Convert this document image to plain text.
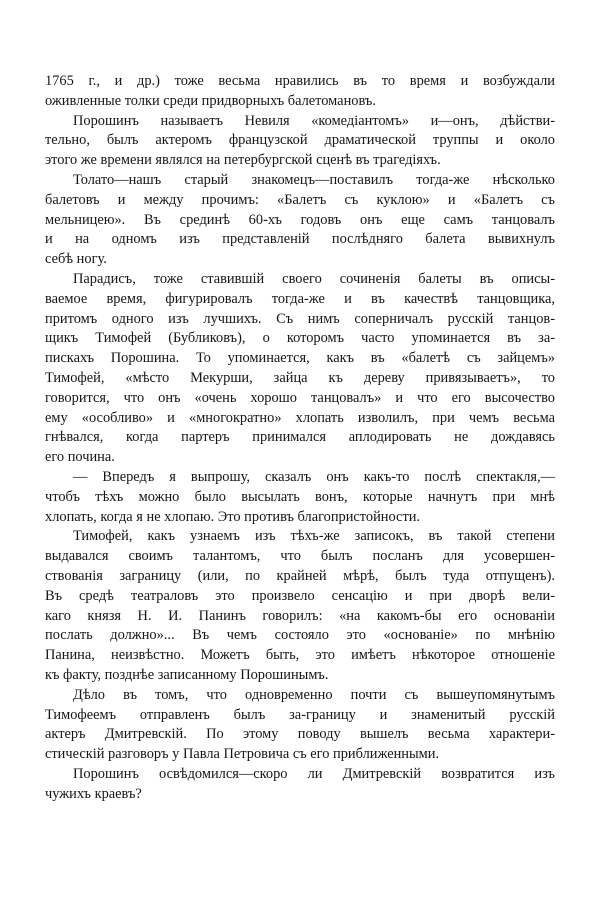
1765 г., и др.) тоже весьма нравились въ то время и возбуждали
оживленные толки среди придворныхъ балетомановъ.
Порошинъ называетъ Невиля «комедіантомъ» и—онъ, дѣйстви-
тельно, былъ актеромъ французской драматической труппы и около
этого же времени являлся на петербургской сценѣ въ трагедіяхъ.
Толато—нашъ старый знакомецъ—поставилъ тогда-же нѣсколько
балетовъ и между прочимъ: «Балетъ съ куклою» и «Балетъ съ
мельницею». Въ срединѣ 60-хъ годовъ онъ еще самъ танцовалъ
и на одномъ изъ представленій послѣдняго балета вывихнулъ
себѣ ногу.
Парадисъ, тоже ставившій своего сочиненія балеты въ описы-
ваемое время, фигурировалъ тогда-же и въ качествѣ танцовщика,
притомъ одного изъ лучшихъ. Съ нимъ соперничалъ русскій танцов-
щикъ Тимофей (Бубликовъ), о которомъ часто упоминается въ за-
пискахъ Порошина. То упоминается, какъ въ «балетѣ съ зайцемъ»
Тимофей, «мѣсто Мекурши, зайца къ дереву привязываетъ», то
говорится, что онъ «очень хорошо танцовалъ» и что его высочество
ему «особливо» и «многократно» хлопать изволилъ, при чемъ весьма
гнѣвался, когда партеръ принимался аплодировать не дождавясь
его почина.
— Впередъ я выпрошу, сказалъ онъ какъ-то послѣ спектакля,—
чтобъ тѣхъ можно было высылать вонъ, которые начнутъ при мнѣ
хлопать, когда я не хлопаю. Это противъ благопристойности.
Тимофей, какъ узнаемъ изъ тѣхъ-же записокъ, въ такой степени
выдавался своимъ талантомъ, что былъ посланъ для усовершен-
ствованія заграницу (или, по крайней мѣрѣ, былъ туда отпущенъ).
Въ средѣ театраловъ это произвело сенсацію и при дворѣ вели-
каго князя Н. И. Панинъ говорилъ: «на какомъ-бы его основаніи
послать должно»... Въ чемъ состояло это «основаніе» по мнѣнію
Панина, неизвѣстно. Можетъ быть, это имѣетъ нѣкоторое отношеніе
къ факту, позднѣе записанному Порошинымъ.
Дѣло въ томъ, что одновременно почти съ вышеупомянутымъ
Тимофеемъ отправленъ былъ за-границу и знаменитый русскій
актеръ Дмитревскій. По этому поводу вышелъ весьма характери-
стическій разговоръ у Павла Петровича съ его приближенными.
Порошинъ освѣдомился—скоро ли Дмитревскій возвратится изъ
чужихъ краевъ?
